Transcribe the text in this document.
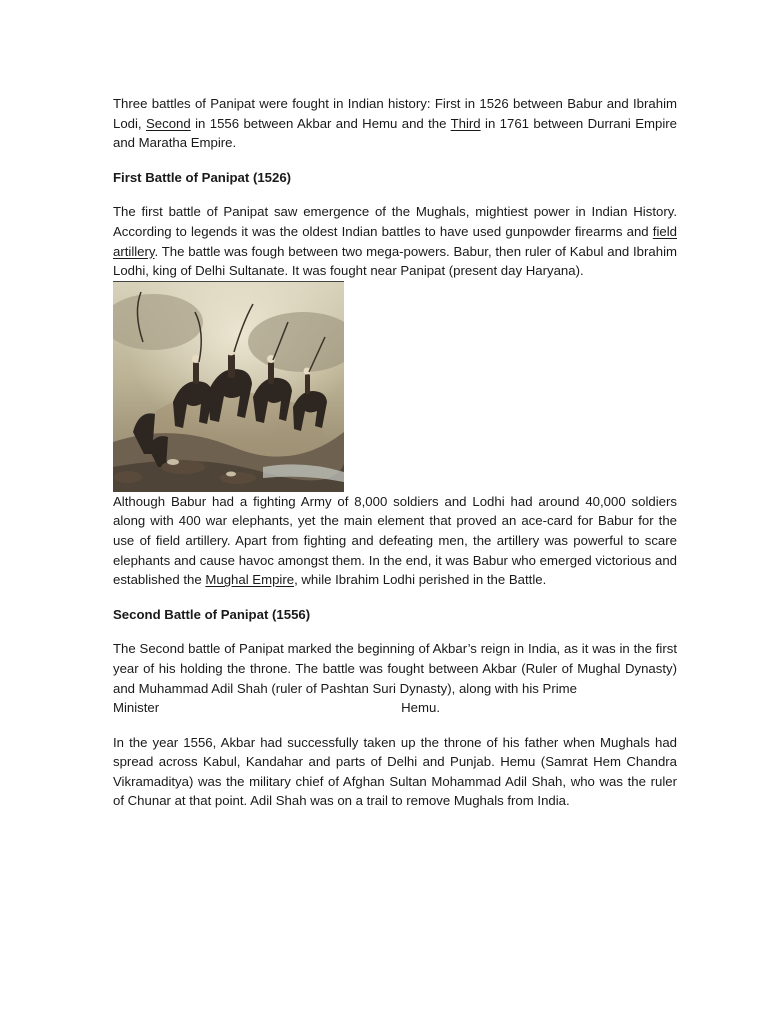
Three battles of Panipat were fought in Indian history: First in 1526 between Babur and Ibrahim Lodi, Second in 1556 between Akbar and Hemu and the Third in 1761 between Durrani Empire and Maratha Empire.

First Battle of Panipat (1526)

The first battle of Panipat saw emergence of the Mughals, mightiest power in Indian History. According to legends it was the oldest Indian battles to have used gunpowder firearms and field artillery. The battle was fough between two mega-powers. Babur, then ruler of Kabul and Ibrahim Lodhi, king of Delhi Sultanate. It was fought near Panipat (present day Haryana).

Although Babur had a fighting Army of 8,000 soldiers and Lodhi had around 40,000 soldiers along with 400 war elephants, yet the main element that proved an ace-card for Babur for the use of field artillery. Apart from fighting and defeating men, the artillery was powerful to scare elephants and cause havoc amongst them. In the end, it was Babur who emerged victorious and established the Mughal Empire, while Ibrahim Lodhi perished in the Battle.

Second Battle of Panipat (1556)

The Second battle of Panipat marked the beginning of Akbar’s reign in India, as it was in the first year of his holding the throne. The battle was fought between Akbar (Ruler of Mughal Dynasty) and Muhammad Adil Shah (ruler of Pashtan Suri Dynasty), along with his Prime

Minister	Hemu.

In the year 1556, Akbar had successfully taken up the throne of his father when Mughals had spread across Kabul, Kandahar and parts of Delhi and Punjab. Hemu (Samrat Hem Chandra Vikramaditya) was the military chief of Afghan Sultan Mohammad Adil Shah, who was the ruler of Chunar at that point. Adil Shah was on a trail to remove Mughals from India.
